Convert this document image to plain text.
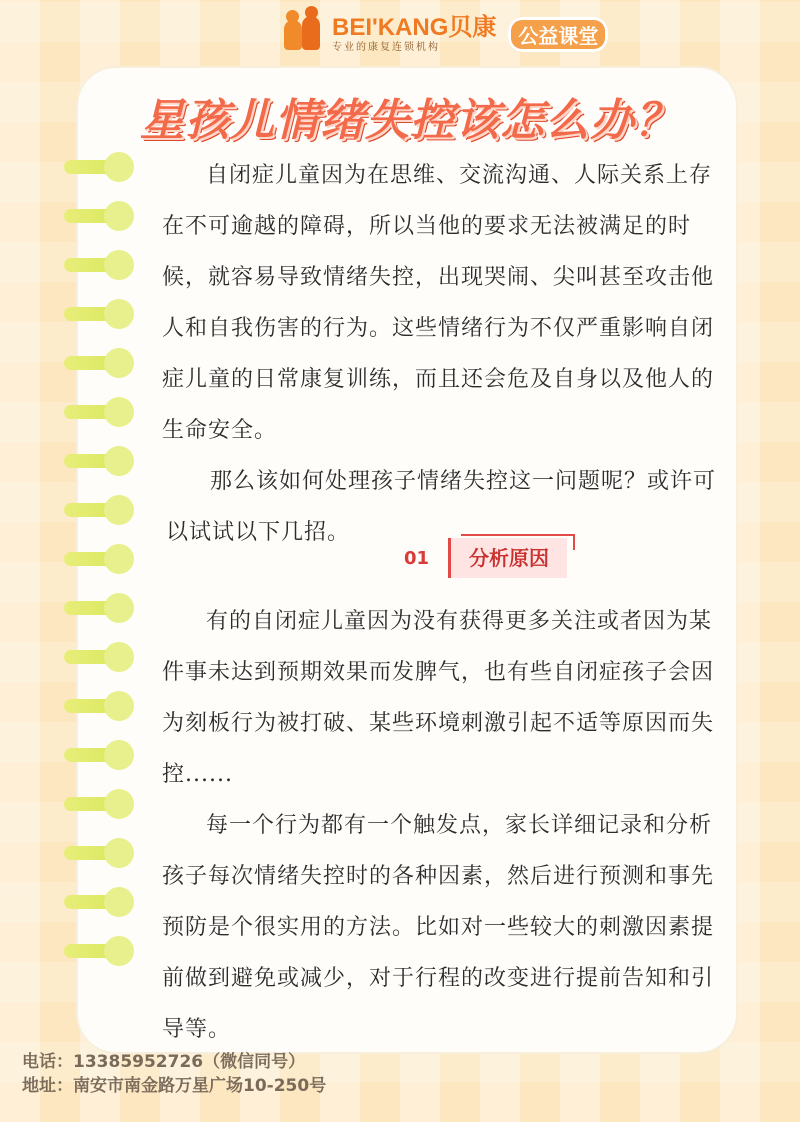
BEI'KANG贝康
专业的康复连锁机构	公益课堂
星孩儿情绪失控该怎么办？

自闭症儿童因为在思维、交流沟通、人际关系上存在不可逾越的障碍，所以当他的要求无法被满足的时候，就容易导致情绪失控，出现哭闹、尖叫甚至攻击他人和自我伤害的行为。这些情绪行为不仅严重影响自闭症儿童的日常康复训练，而且还会危及自身以及他人的生命安全。

那么该如何处理孩子情绪失控这一问题呢？或许可以试试以下几招。

01	分析原因

有的自闭症儿童因为没有获得更多关注或者因为某件事未达到预期效果而发脾气，也有些自闭症孩子会因为刻板行为被打破、某些环境刺激引起不适等原因而失控......

每一个行为都有一个触发点，家长详细记录和分析孩子每次情绪失控时的各种因素，然后进行预测和事先预防是个很实用的方法。比如对一些较大的刺激因素提前做到避免或减少，对于行程的改变进行提前告知和引导等。

电话：13385952726（微信同号）
地址：南安市南金路万星广场10-250号
